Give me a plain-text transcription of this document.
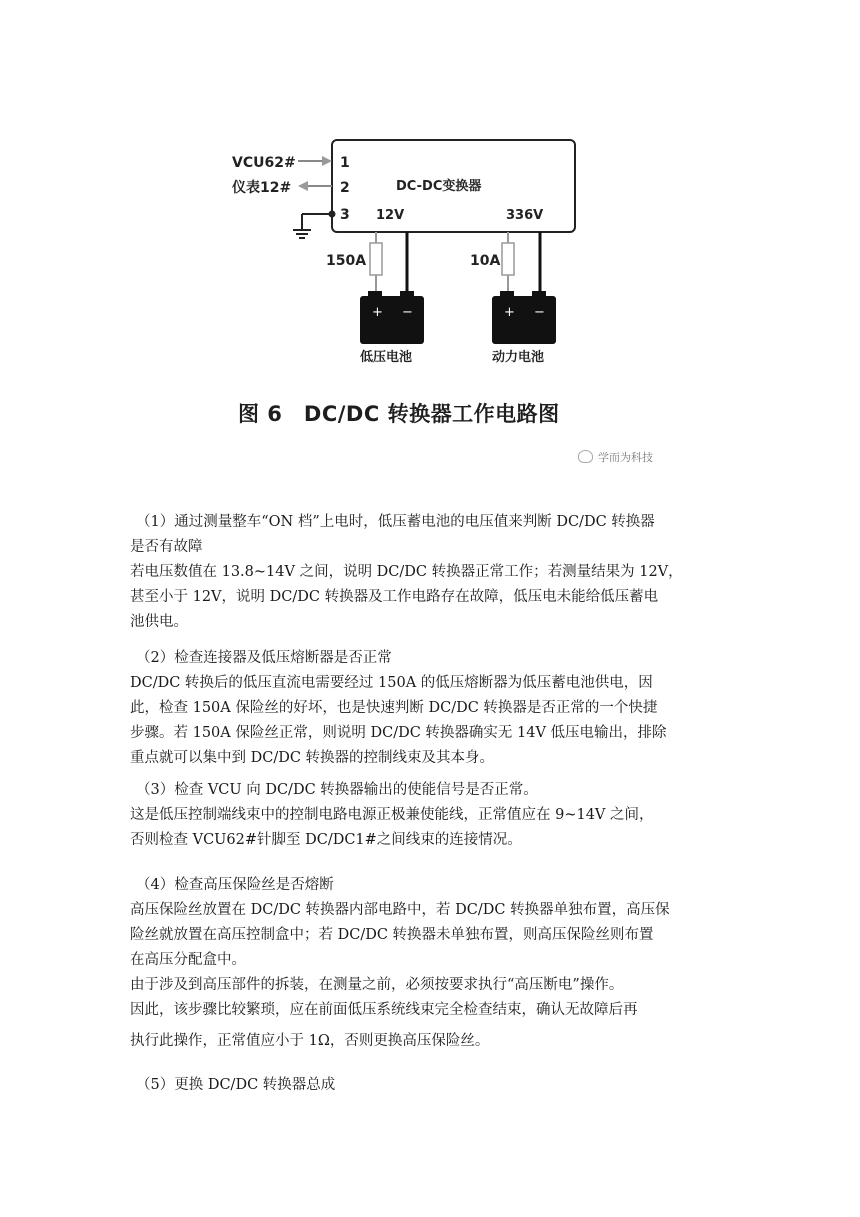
DC-DC变换器
1
2
3
VCU62#
仪表12#
12V	336V
150A	10A
+ −
低压电池
+ −
动力电池
图 6　DC/DC 转换器工作电路图
学而为科技

（1）通过测量整车“ON 档”上电时，低压蓄电池的电压值来判断 DC/DC 转换器

是否有故障

若电压数值在 13.8~14V 之间，说明 DC/DC 转换器正常工作；若测量结果为 12V，

甚至小于 12V，说明 DC/DC 转换器及工作电路存在故障，低压电未能给低压蓄电

池供电。

（2）检查连接器及低压熔断器是否正常

DC/DC 转换后的低压直流电需要经过 150A 的低压熔断器为低压蓄电池供电，因

此，检查 150A 保险丝的好坏，也是快速判断 DC/DC 转换器是否正常的一个快捷

步骤。若 150A 保险丝正常，则说明 DC/DC 转换器确实无 14V 低压电输出，排除

重点就可以集中到 DC/DC 转换器的控制线束及其本身。

（3）检查 VCU 向 DC/DC 转换器输出的使能信号是否正常。

这是低压控制端线束中的控制电路电源正极兼使能线，正常值应在 9~14V 之间，

否则检查 VCU62#针脚至 DC/DC1#之间线束的连接情况。

（4）检查高压保险丝是否熔断

高压保险丝放置在 DC/DC 转换器内部电路中，若 DC/DC 转换器单独布置，高压保

险丝就放置在高压控制盒中；若 DC/DC 转换器未单独布置，则高压保险丝则布置

在高压分配盒中。

由于涉及到高压部件的拆装，在测量之前，必须按要求执行“高压断电”操作。

因此，该步骤比较繁琐，应在前面低压系统线束完全检查结束，确认无故障后再

执行此操作，正常值应小于 1Ω，否则更换高压保险丝。

（5）更换 DC/DC 转换器总成
